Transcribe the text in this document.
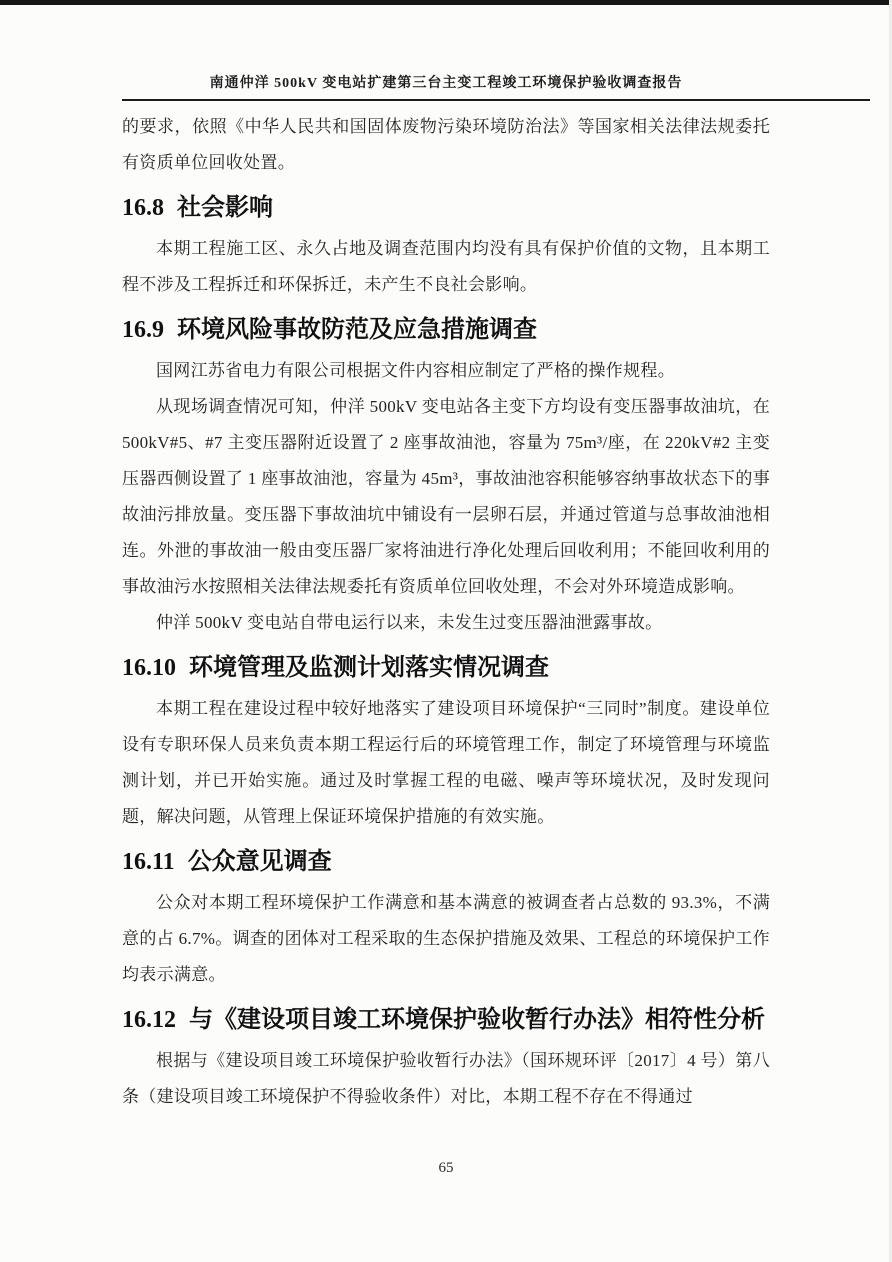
南通仲洋 500kV 变电站扩建第三台主变工程竣工环境保护验收调查报告

的要求，依照《中华人民共和国固体废物污染环境防治法》等国家相关法律法规委托有资质单位回收处置。

16.8 社会影响

本期工程施工区、永久占地及调查范围内均没有具有保护价值的文物，且本期工程不涉及工程拆迁和环保拆迁，未产生不良社会影响。

16.9 环境风险事故防范及应急措施调查

国网江苏省电力有限公司根据文件内容相应制定了严格的操作规程。

从现场调查情况可知，仲洋 500kV 变电站各主变下方均设有变压器事故油坑，在 500kV#5、#7 主变压器附近设置了 2 座事故油池，容量为 75m³/座，在 220kV#2 主变压器西侧设置了 1 座事故油池，容量为 45m³，事故油池容积能够容纳事故状态下的事故油污排放量。变压器下事故油坑中铺设有一层卵石层，并通过管道与总事故油池相连。外泄的事故油一般由变压器厂家将油进行净化处理后回收利用；不能回收利用的事故油污水按照相关法律法规委托有资质单位回收处理，不会对外环境造成影响。

仲洋 500kV 变电站自带电运行以来，未发生过变压器油泄露事故。

16.10 环境管理及监测计划落实情况调查

本期工程在建设过程中较好地落实了建设项目环境保护“三同时”制度。建设单位设有专职环保人员来负责本期工程运行后的环境管理工作，制定了环境管理与环境监测计划，并已开始实施。通过及时掌握工程的电磁、噪声等环境状况，及时发现问题，解决问题，从管理上保证环境保护措施的有效实施。

16.11 公众意见调查

公众对本期工程环境保护工作满意和基本满意的被调查者占总数的 93.3%，不满意的占 6.7%。调查的团体对工程采取的生态保护措施及效果、工程总的环境保护工作均表示满意。

16.12 与《建设项目竣工环境保护验收暂行办法》相符性分析

根据与《建设项目竣工环境保护验收暂行办法》（国环规环评〔2017〕4 号）第八条（建设项目竣工环境保护不得验收条件）对比，本期工程不存在不得通过

65
